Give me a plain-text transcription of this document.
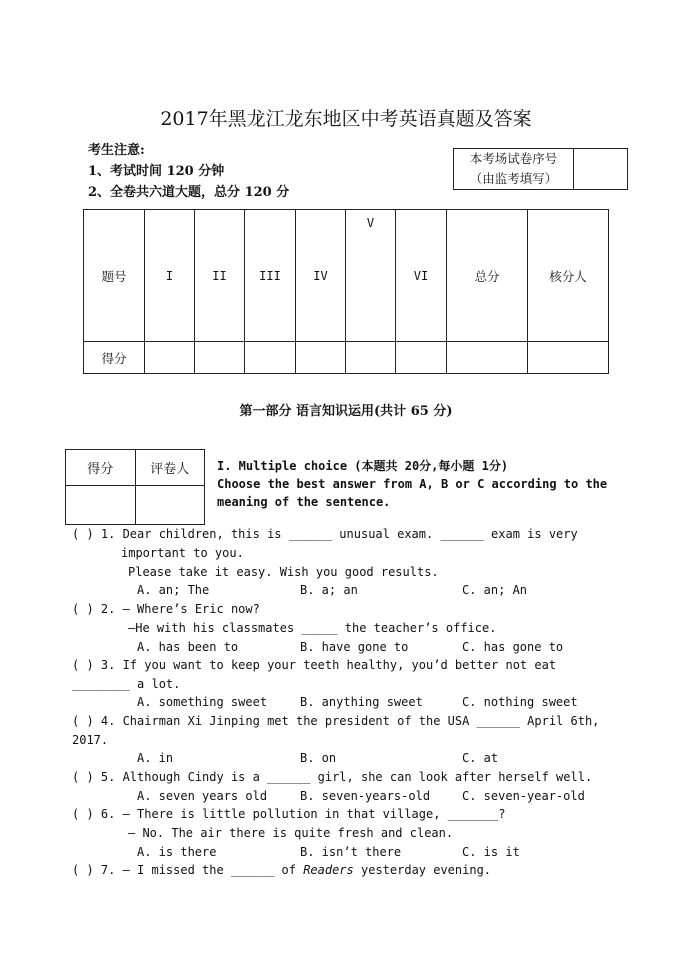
2017年黑龙江龙东地区中考英语真题及答案
考生注意:
1、考试时间 120 分钟
2、全卷共六道大题，总分 120 分
本考场试卷序号
（由监考填写）
题号	I	II	III	IV	V	VI	总分	核分人
得分								
第一部分 语言知识运用(共计 65 分)
得分	评卷人
	I. Multiple choice (本题共 20分,每小题 1分)
Choose the best answer from A, B or C according to the
meaning of the sentence.
( ) 1. Dear children, this is ______ unusual exam. ______ exam is very
important to you.
Please take it easy. Wish you good results.
A. an; The	B. a; an	C. an; An
( ) 2. — Where’s Eric now?
—He with his classmates _____ the teacher’s office.
A. has been to	B. have gone to	C. has gone to
( ) 3. If you want to keep your teeth healthy, you’d better not eat
________ a lot.
A. something sweet	B. anything sweet	C. nothing sweet
( ) 4. Chairman Xi Jinping met the president of the USA ______ April 6th,
2017.
A. in	B. on	C. at
( ) 5. Although Cindy is a ______ girl, she can look after herself well.
A. seven years old	B. seven-years-old	C. seven-year-old
( ) 6. — There is little pollution in that village, _______?
— No. The air there is quite fresh and clean.
A. is there	B. isn’t there	C. is it
( ) 7. — I missed the ______ of Readers yesterday evening.
